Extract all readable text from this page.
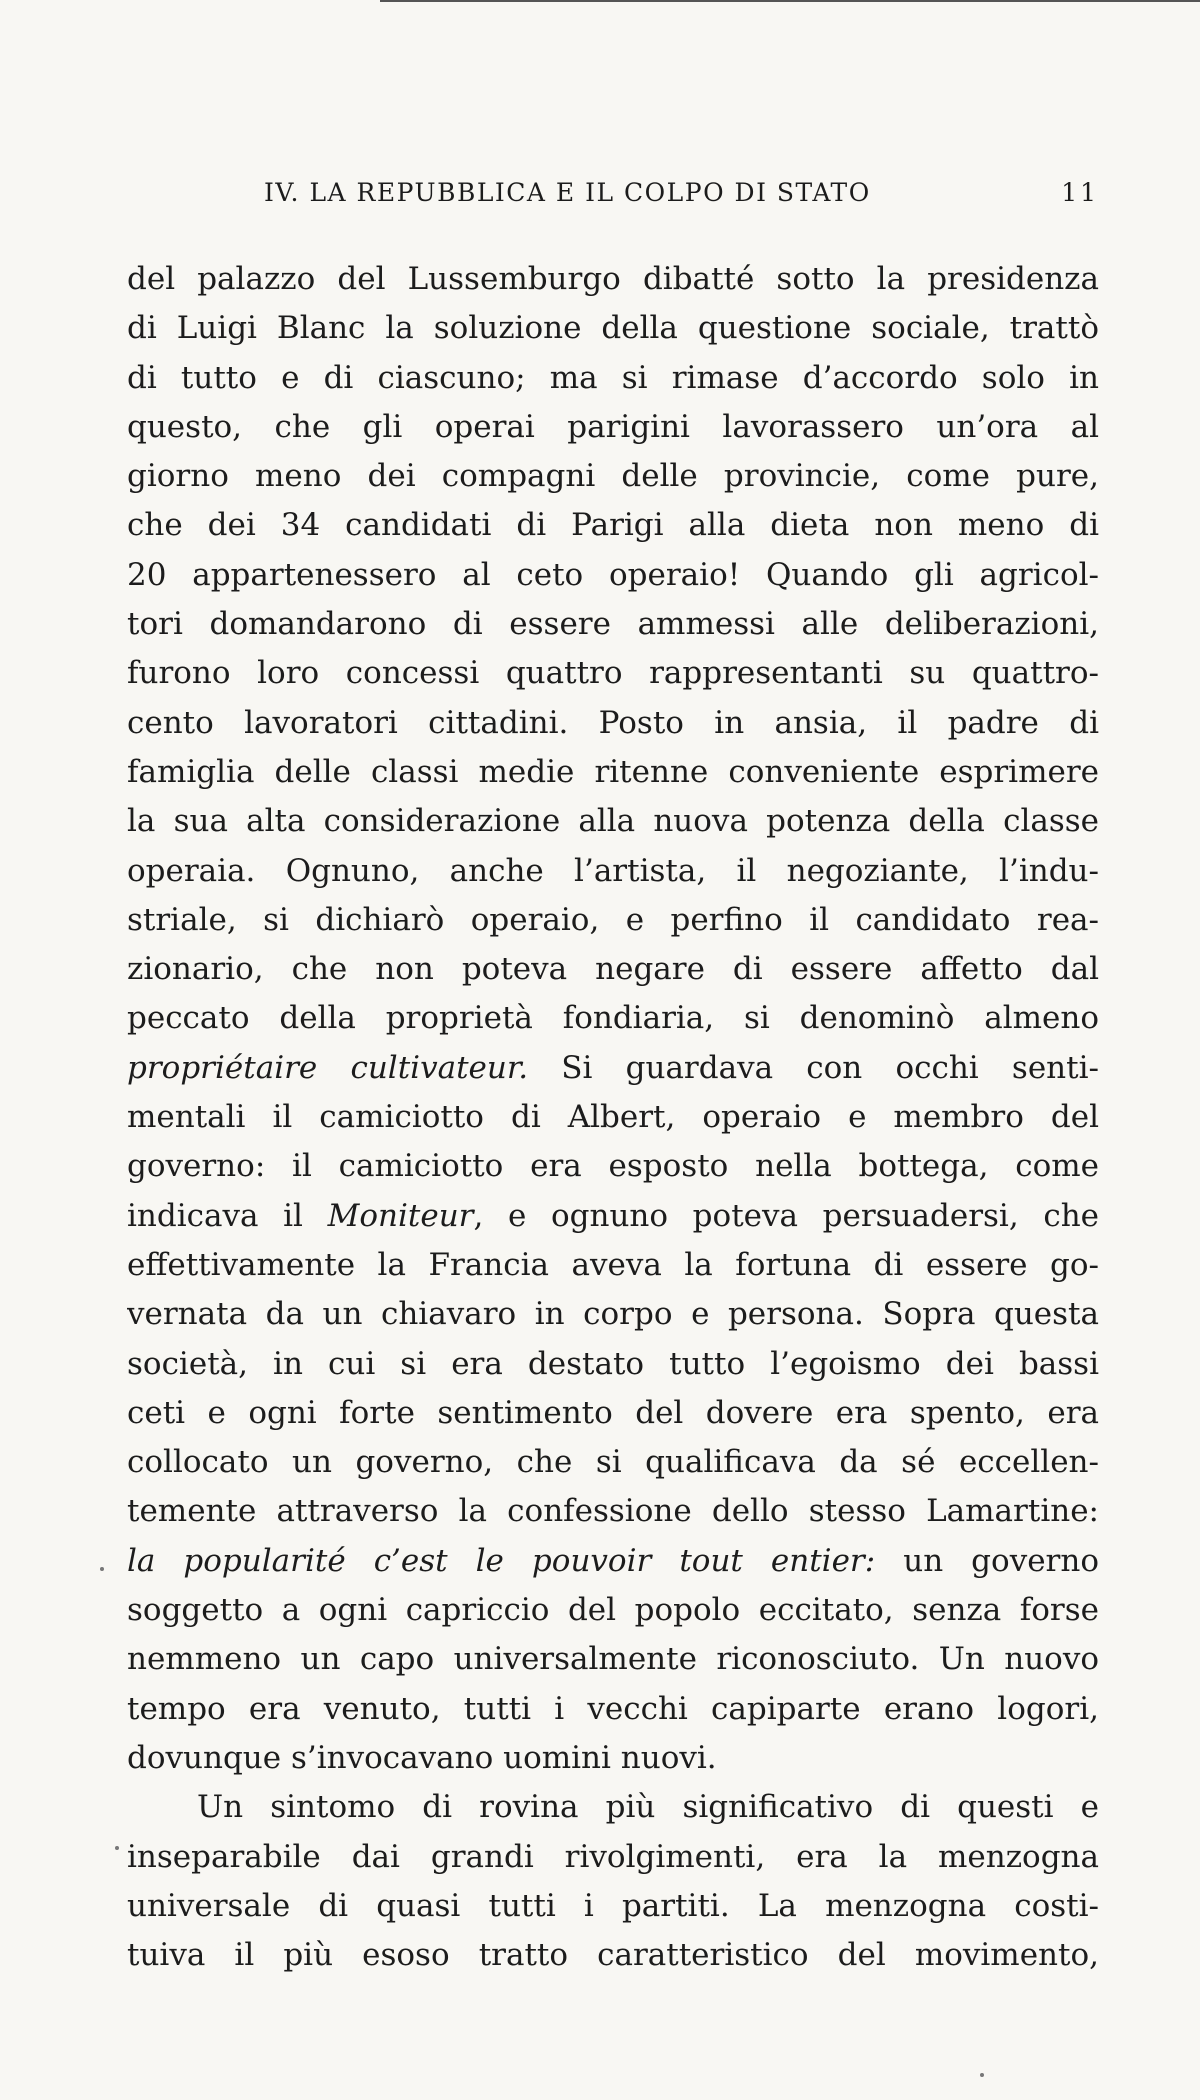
IV. LA REPUBBLICA E IL COLPO DI STATO	11
del palazzo del Lussemburgo dibatté sotto la presidenza
di Luigi Blanc la soluzione della questione sociale, trattò
di tutto e di ciascuno; ma si rimase d’accordo solo in
questo, che gli operai parigini lavorassero un’ora al
giorno meno dei compagni delle provincie, come pure,
che dei 34 candidati di Parigi alla dieta non meno di
20 appartenessero al ceto operaio! Quando gli agricol-
tori domandarono di essere ammessi alle deliberazioni,
furono loro concessi quattro rappresentanti su quattro-
cento lavoratori cittadini. Posto in ansia, il padre di
famiglia delle classi medie ritenne conveniente esprimere
la sua alta considerazione alla nuova potenza della classe
operaia. Ognuno, anche l’artista, il negoziante, l’indu-
striale, si dichiarò operaio, e perfino il candidato rea-
zionario, che non poteva negare di essere affetto dal
peccato della proprietà fondiaria, si denominò almeno
propriétaire cultivateur. Si guardava con occhi senti-
mentali il camiciotto di Albert, operaio e membro del
governo: il camiciotto era esposto nella bottega, come
indicava il Moniteur, e ognuno poteva persuadersi, che
effettivamente la Francia aveva la fortuna di essere go-
vernata da un chiavaro in corpo e persona. Sopra questa
società, in cui si era destato tutto l’egoismo dei bassi
ceti e ogni forte sentimento del dovere era spento, era
collocato un governo, che si qualificava da sé eccellen-
temente attraverso la confessione dello stesso Lamartine:
la popularité c’est le pouvoir tout entier: un governo
soggetto a ogni capriccio del popolo eccitato, senza forse
nemmeno un capo universalmente riconosciuto. Un nuovo
tempo era venuto, tutti i vecchi capiparte erano logori,
dovunque s’invocavano uomini nuovi.
Un sintomo di rovina più significativo di questi e
inseparabile dai grandi rivolgimenti, era la menzogna
universale di quasi tutti i partiti. La menzogna costi-
tuiva il più esoso tratto caratteristico del movimento,
